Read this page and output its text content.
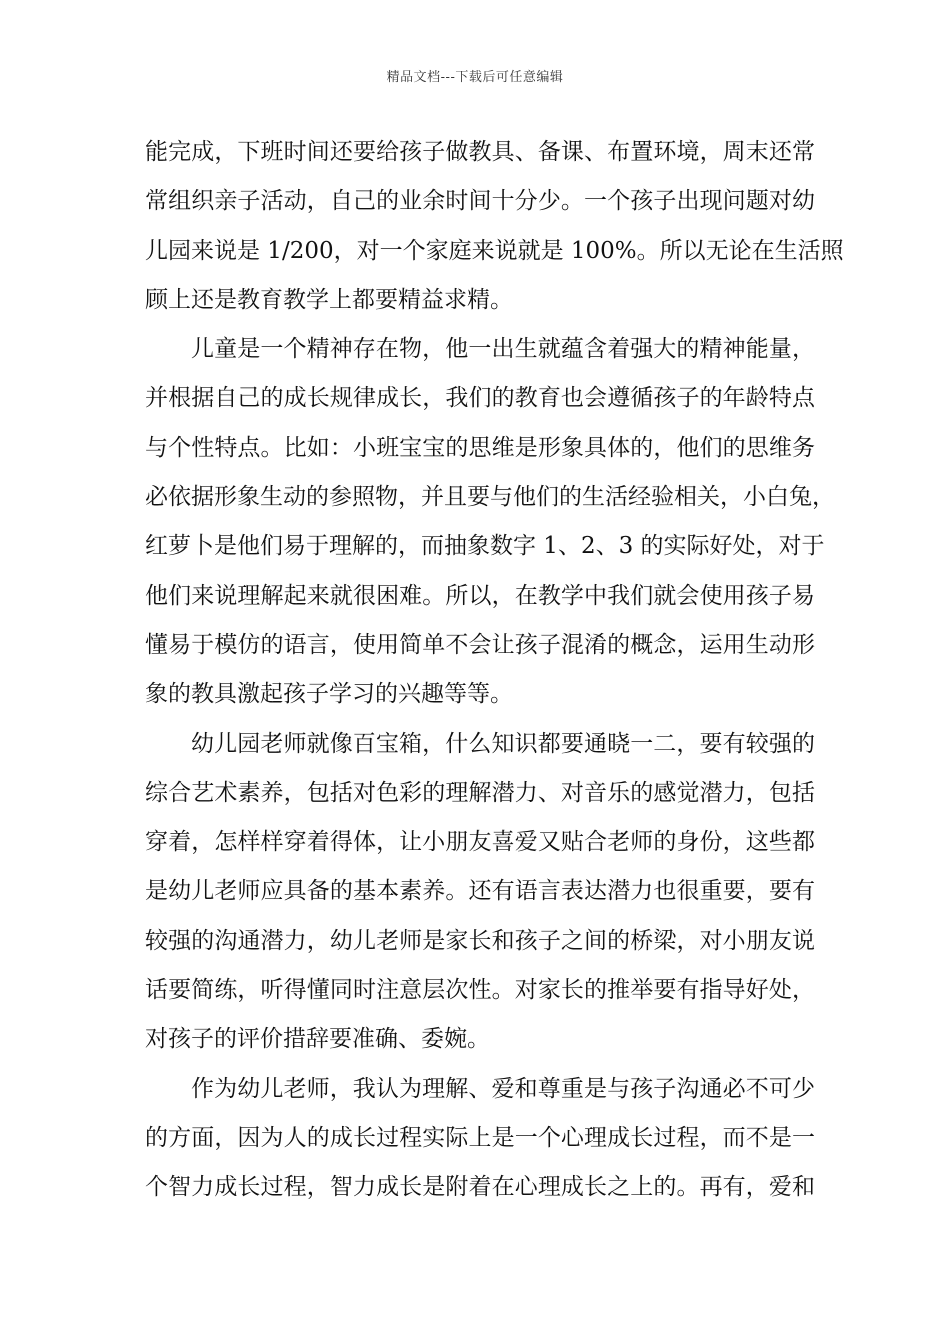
精品文档---下载后可任意编辑
能完成，下班时间还要给孩子做教具、备课、布置环境，周末还常
常组织亲子活动，自己的业余时间十分少。一个孩子出现问题对幼
儿园来说是 1/200，对一个家庭来说就是 100%。所以无论在生活照
顾上还是教育教学上都要精益求精。
儿童是一个精神存在物，他一出生就蕴含着强大的精神能量，
并根据自己的成长规律成长，我们的教育也会遵循孩子的年龄特点
与个性特点。比如：小班宝宝的思维是形象具体的，他们的思维务
必依据形象生动的参照物，并且要与他们的生活经验相关，小白兔，
红萝卜是他们易于理解的，而抽象数字 1、2、3 的实际好处，对于
他们来说理解起来就很困难。所以，在教学中我们就会使用孩子易
懂易于模仿的语言，使用简单不会让孩子混淆的概念，运用生动形
象的教具激起孩子学习的兴趣等等。
幼儿园老师就像百宝箱，什么知识都要通晓一二，要有较强的
综合艺术素养，包括对色彩的理解潜力、对音乐的感觉潜力，包括
穿着，怎样样穿着得体，让小朋友喜爱又贴合老师的身份，这些都
是幼儿老师应具备的基本素养。还有语言表达潜力也很重要，要有
较强的沟通潜力，幼儿老师是家长和孩子之间的桥梁，对小朋友说
话要简练，听得懂同时注意层次性。对家长的推举要有指导好处，
对孩子的评价措辞要准确、委婉。
作为幼儿老师，我认为理解、爱和尊重是与孩子沟通必不可少
的方面，因为人的成长过程实际上是一个心理成长过程，而不是一
个智力成长过程，智力成长是附着在心理成长之上的。再有，爱和
